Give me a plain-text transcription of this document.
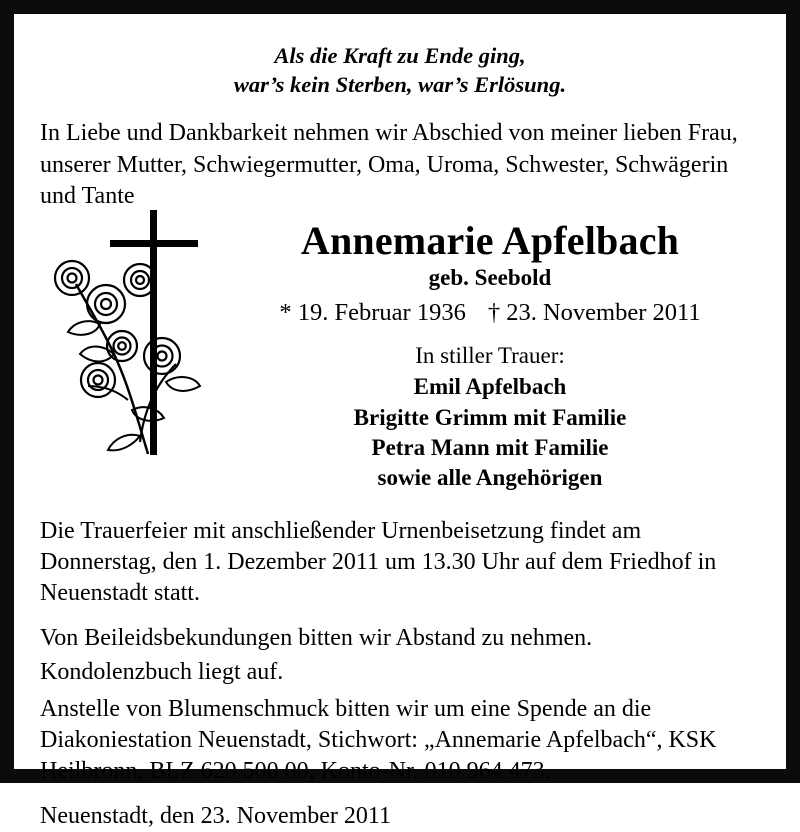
Als die Kraft zu Ende ging,
war’s kein Sterben, war’s Erlösung.
In Liebe und Dankbarkeit nehmen wir Abschied von meiner lieben Frau, unserer Mutter, Schwiegermutter, Oma, Uroma, Schwester, Schwägerin und Tante
Annemarie Apfelbach
geb. Seebold
* 19. Februar 1936 † 23. November 2011
In stiller Trauer:
Emil Apfelbach
Brigitte Grimm mit Familie
Petra Mann mit Familie
sowie alle Angehörigen
Die Trauerfeier mit anschließender Urnenbeisetzung findet am Donnerstag, den 1. Dezember 2011 um 13.30 Uhr auf dem Friedhof in Neuenstadt statt.
Von Beileidsbekundungen bitten wir Abstand zu nehmen.
Kondolenzbuch liegt auf.
Anstelle von Blumenschmuck bitten wir um eine Spende an die Diakoniestation Neuenstadt, Stichwort: „Annemarie Apfelbach“, KSK Heilbronn, BLZ 620 500 00, Konto-Nr. 010 964 473.
Neuenstadt, den 23. November 2011
